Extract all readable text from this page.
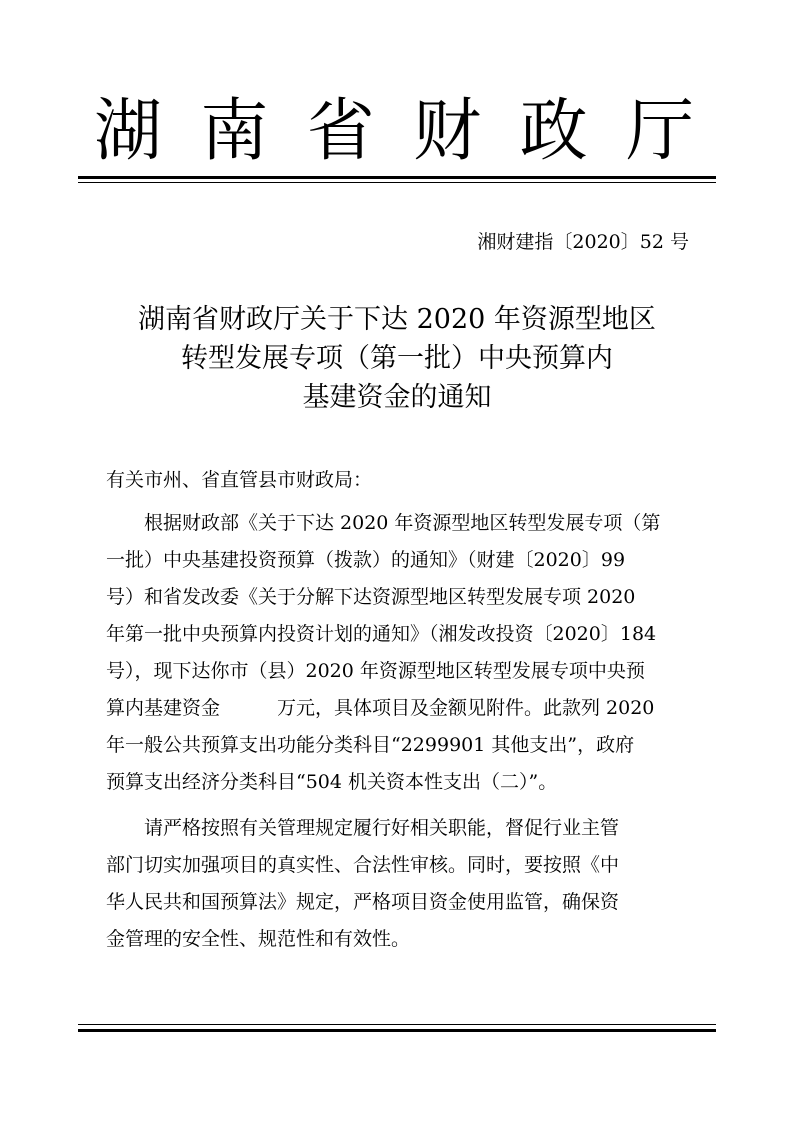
湖 南 省 财 政 厅
湘财建指〔2020〕52 号
湖南省财政厅关于下达 2020 年资源型地区
转型发展专项（第一批）中央预算内
基建资金的通知
有关市州、省直管县市财政局：
　　根据财政部《关于下达 2020 年资源型地区转型发展专项（第
一批）中央基建投资预算（拨款）的通知》（财建〔2020〕99
号）和省发改委《关于分解下达资源型地区转型发展专项 2020
年第一批中央预算内投资计划的通知》（湘发改投资〔2020〕184
号），现下达你市（县）2020 年资源型地区转型发展专项中央预
算内基建资金　　　万元，具体项目及金额见附件。此款列 2020
年一般公共预算支出功能分类科目“2299901 其他支出”，政府
预算支出经济分类科目“504 机关资本性支出（二）”。
　　请严格按照有关管理规定履行好相关职能，督促行业主管
部门切实加强项目的真实性、合法性审核。同时，要按照《中
华人民共和国预算法》规定，严格项目资金使用监管，确保资
金管理的安全性、规范性和有效性。
